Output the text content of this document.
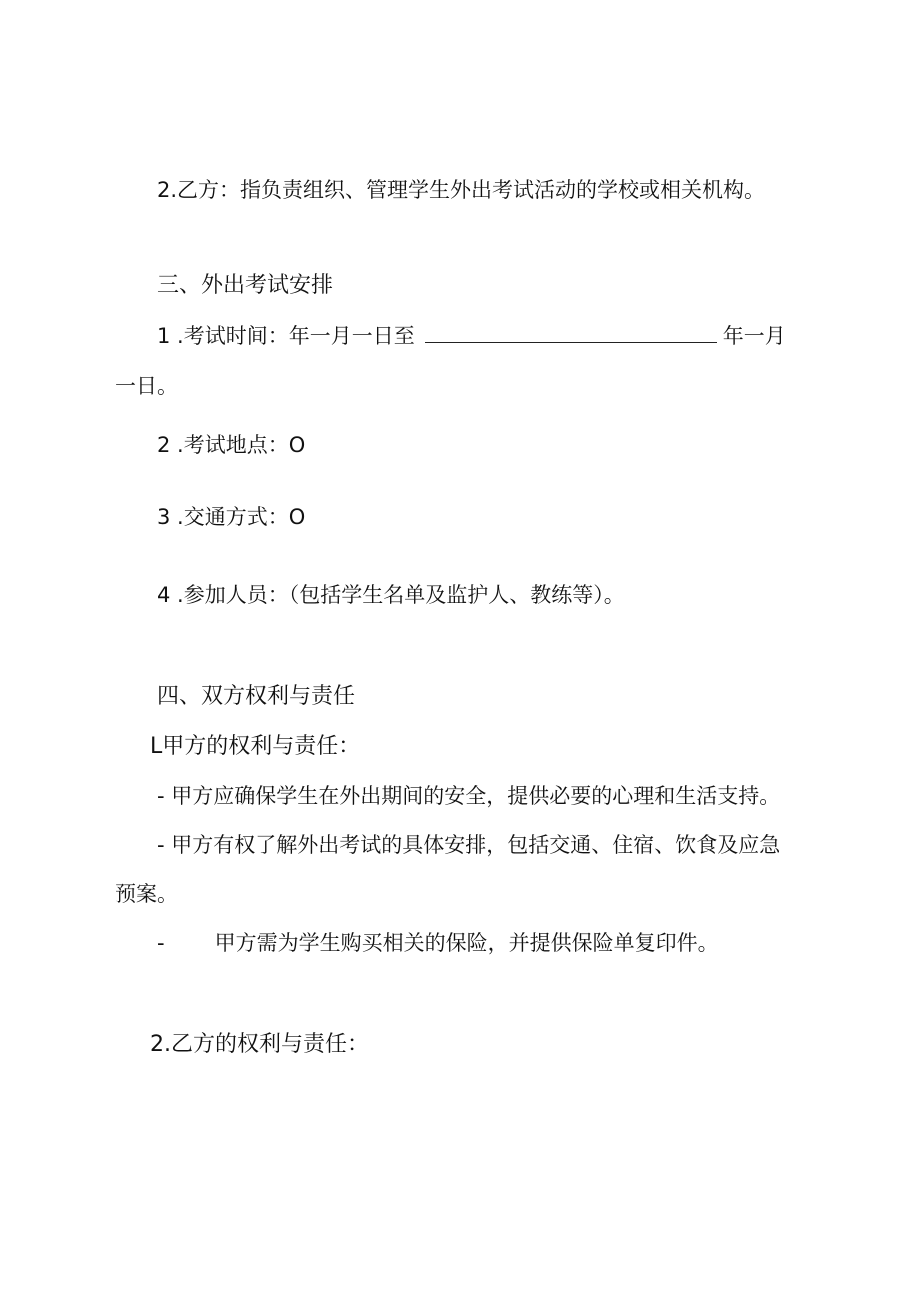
2.乙方：指负责组织、管理学生外出考试活动的学校或相关机构。
三、外出考试安排
1 .考试时间：年一月一日至	年一月
一日。
2 .考试地点：O
3 .交通方式：O
4 .参加人员：（包括学生名单及监护人、教练等）。
四、双方权利与责任
L甲方的权利与责任：
- 甲方应确保学生在外出期间的安全，提供必要的心理和生活支持。
- 甲方有权了解外出考试的具体安排，包括交通、住宿、饮食及应急
预案。
- 甲方需为学生购买相关的保险，并提供保险单复印件。
2.乙方的权利与责任：
